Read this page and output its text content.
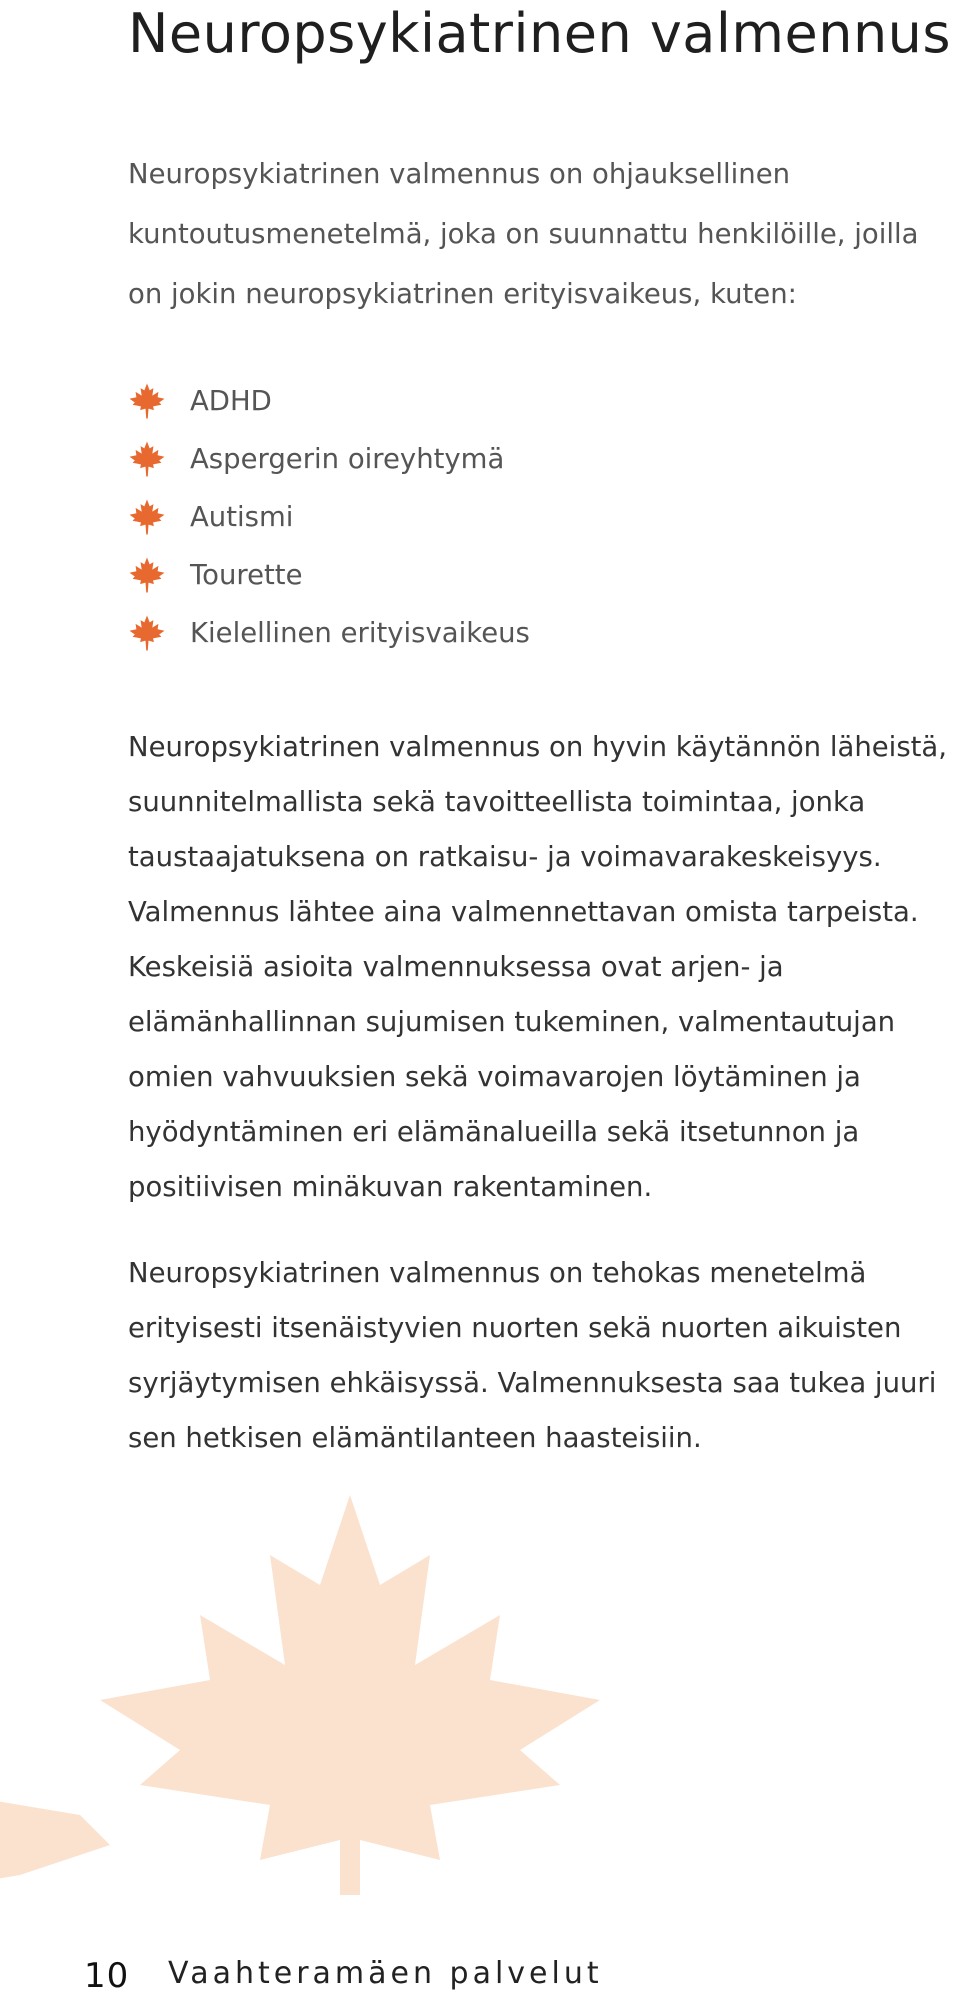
Neuropsykiatrinen valmennus

Neuropsykiatrinen valmennus on ohjauksellinen kuntoutusmenetelmä, joka on suunnattu henkilöille, joilla on jokin neuropsykiatrinen erityisvaikeus, kuten:

ADHD
Aspergerin oireyhtymä
Autismi
Tourette
Kielellinen erityisvaikeus

Neuropsykiatrinen valmennus on hyvin käytännön läheistä, suunnitelmallista sekä tavoitteellista toimintaa, jonka taustaajatuksena on ratkaisu- ja voimavarakeskeisyys. Valmennus lähtee aina valmennettavan omista tarpeista. Keskeisiä asioita valmennuksessa ovat arjen- ja elämänhallinnan sujumisen tukeminen, valmentautujan omien vahvuuksien sekä voimavarojen löytäminen ja hyödyntäminen eri elämänalueilla sekä itsetunnon ja positiivisen minäkuvan rakentaminen.

Neuropsykiatrinen valmennus on tehokas menetelmä erityisesti itsenäistyvien nuorten sekä nuorten aikuisten syrjäytymisen ehkäisyssä. Valmennuksesta saa tukea juuri sen hetkisen elämäntilanteen haasteisiin.

10 Vaahteramäen palvelut
